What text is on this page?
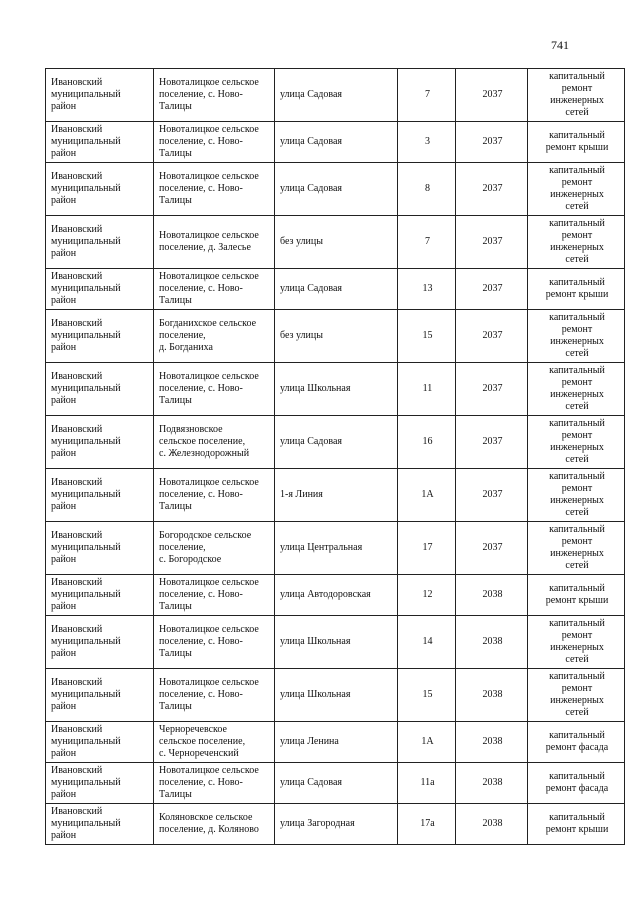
741
Ивановский
муниципальный
район	Новоталицкое сельское
поселение, с. Ново-
Талицы	улица Садовая	7	2037	капитальный
ремонт
инженерных
сетей

Ивановский
муниципальный
район	Новоталицкое сельское
поселение, с. Ново-
Талицы	улица Садовая	3	2037	капитальный
ремонт крыши

Ивановский
муниципальный
район	Новоталицкое сельское
поселение, с. Ново-
Талицы	улица Садовая	8	2037	капитальный
ремонт
инженерных
сетей

Ивановский
муниципальный
район	Новоталицкое сельское
поселение, д. Залесье	без улицы	7	2037	капитальный
ремонт
инженерных
сетей

Ивановский
муниципальный
район	Новоталицкое сельское
поселение, с. Ново-
Талицы	улица Садовая	13	2037	капитальный
ремонт крыши

Ивановский
муниципальный
район	Богданихское сельское
поселение,
д. Богданиха	без улицы	15	2037	капитальный
ремонт
инженерных
сетей

Ивановский
муниципальный
район	Новоталицкое сельское
поселение, с. Ново-
Талицы	улица Школьная	11	2037	капитальный
ремонт
инженерных
сетей

Ивановский
муниципальный
район	Подвязновское
сельское поселение,
с. Железнодорожный	улица Садовая	16	2037	капитальный
ремонт
инженерных
сетей

Ивановский
муниципальный
район	Новоталицкое сельское
поселение, с. Ново-
Талицы	1-я Линия	1А	2037	капитальный
ремонт
инженерных
сетей

Ивановский
муниципальный
район	Богородское сельское
поселение,
с. Богородское	улица Центральная	17	2037	капитальный
ремонт
инженерных
сетей

Ивановский
муниципальный
район	Новоталицкое сельское
поселение, с. Ново-
Талицы	улица Автодоровская	12	2038	капитальный
ремонт крыши

Ивановский
муниципальный
район	Новоталицкое сельское
поселение, с. Ново-
Талицы	улица Школьная	14	2038	капитальный
ремонт
инженерных
сетей

Ивановский
муниципальный
район	Новоталицкое сельское
поселение, с. Ново-
Талицы	улица Школьная	15	2038	капитальный
ремонт
инженерных
сетей

Ивановский
муниципальный
район	Черноречевское
сельское поселение,
с. Чернореченский	улица Ленина	1А	2038	капитальный
ремонт фасада

Ивановский
муниципальный
район	Новоталицкое сельское
поселение, с. Ново-
Талицы	улица Садовая	11а	2038	капитальный
ремонт фасада

Ивановский
муниципальный
район	Коляновское сельское
поселение, д. Коляново	улица Загородная	17а	2038	капитальный
ремонт крыши
